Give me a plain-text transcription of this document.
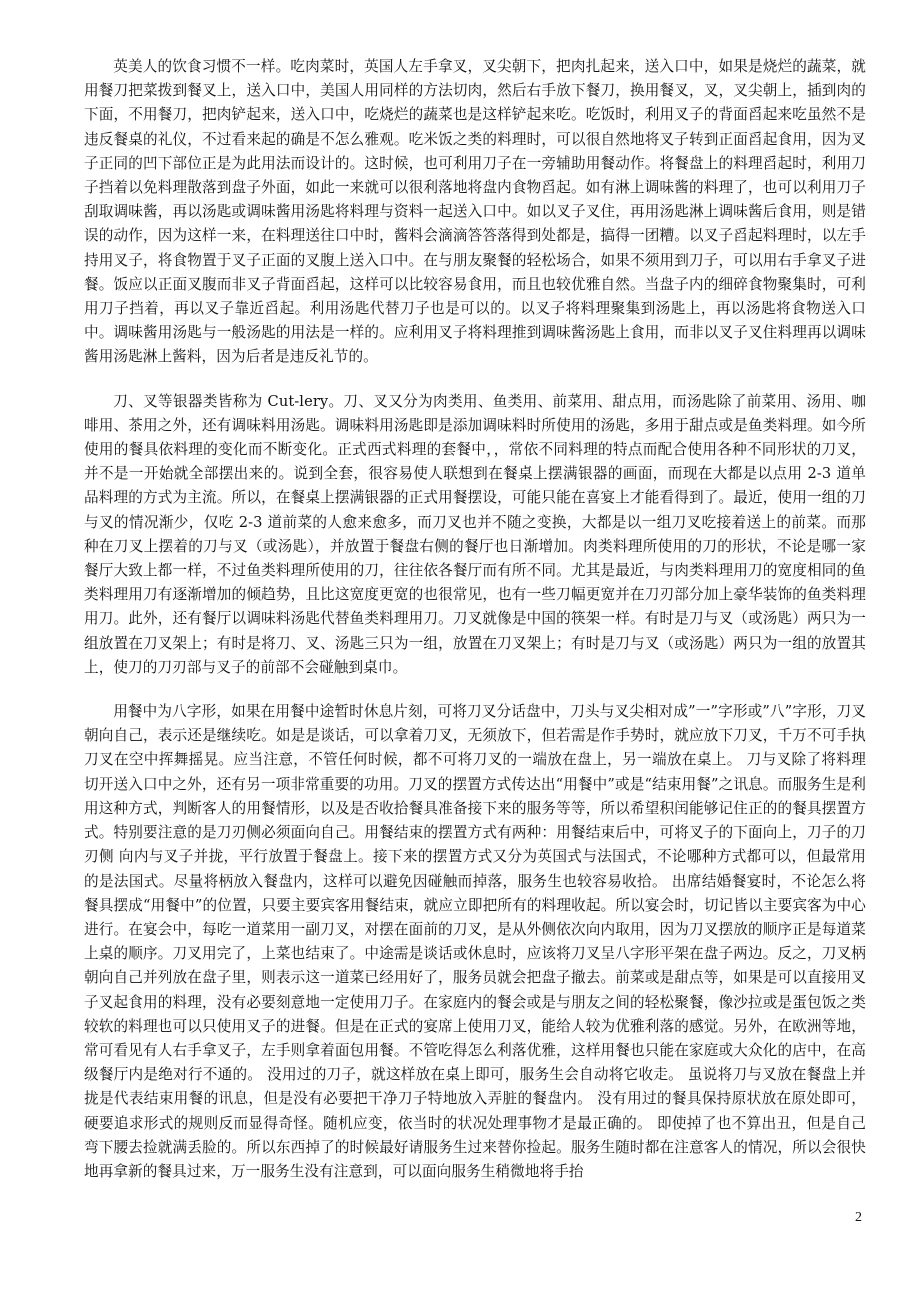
英美人的饮食习惯不一样。吃肉菜时，英国人左手拿叉，叉尖朝下，把肉扎起来，送入口中，如果是烧烂的蔬菜，就用餐刀把菜拨到餐叉上，送入口中，美国人用同样的方法切肉，然后右手放下餐刀，换用餐叉，叉，叉尖朝上，插到肉的下面，不用餐刀，把肉铲起来，送入口中，吃烧烂的蔬菜也是这样铲起来吃。吃饭时，利用叉子的背面舀起来吃虽然不是违反餐桌的礼仪，不过看来起的确是不怎么雅观。吃米饭之类的料理时，可以很自然地将叉子转到正面舀起食用，因为叉子正同的凹下部位正是为此用法而设计的。这时候，也可利用刀子在一旁辅助用餐动作。将餐盘上的料理舀起时，利用刀子挡着以免料理散落到盘子外面，如此一来就可以很利落地将盘内食物舀起。如有淋上调味酱的料理了，也可以利用刀子刮取调味酱，再以汤匙或调味酱用汤匙将料理与资料一起送入口中。如以叉子叉住，再用汤匙淋上调味酱后食用，则是错误的动作，因为这样一来，在料理送往口中时，酱料会滴滴答答落得到处都是，搞得一团糟。以叉子舀起料理时，以左手持用叉子，将食物置于叉子正面的叉腹上送入口中。在与朋友聚餐的轻松场合，如果不须用到刀子，可以用右手拿叉子进餐。饭应以正面叉腹而非叉子背面舀起，这样可以比较容易食用，而且也较优雅自然。当盘子内的细碎食物聚集时，可利用刀子挡着，再以叉子靠近舀起。利用汤匙代替刀子也是可以的。以叉子将料理聚集到汤匙上，再以汤匙将食物送入口中。调味酱用汤匙与一般汤匙的用法是一样的。应利用叉子将料理推到调味酱汤匙上食用，而非以叉子叉住料理再以调味酱用汤匙淋上酱料，因为后者是违反礼节的。

刀、叉等银器类皆称为 Cut-lery。刀、叉又分为肉类用、鱼类用、前菜用、甜点用，而汤匙除了前菜用、汤用、咖啡用、茶用之外，还有调味料用汤匙。调味料用汤匙即是添加调味料时所使用的汤匙，多用于甜点或是鱼类料理。如今所使用的餐具依料理的变化而不断变化。正式西式料理的套餐中，，常依不同料理的特点而配合使用各种不同形状的刀叉，并不是一开始就全部摆出来的。说到全套，很容易使人联想到在餐桌上摆满银器的画面，而现在大都是以点用 2-3 道单品料理的方式为主流。所以，在餐桌上摆满银器的正式用餐摆设，可能只能在喜宴上才能看得到了。最近，使用一组的刀与叉的情况渐少，仅吃 2-3 道前菜的人愈来愈多，而刀叉也并不随之变换，大都是以一组刀叉吃接着送上的前菜。而那种在刀叉上摆着的刀与叉（或汤匙），并放置于餐盘右侧的餐厅也日渐增加。肉类料理所使用的刀的形状，不论是哪一家餐厅大致上都一样，不过鱼类料理所使用的刀，往往依各餐厅而有所不同。尤其是最近，与肉类料理用刀的宽度相同的鱼类料理用刀有逐渐增加的倾趋势，且比这宽度更宽的也很常见，也有一些刀幅更宽并在刀刃部分加上豪华装饰的鱼类料理用刀。此外，还有餐厅以调味料汤匙代替鱼类料理用刀。刀叉就像是中国的筷架一样。有时是刀与叉（或汤匙）两只为一组放置在刀叉架上；有时是将刀、叉、汤匙三只为一组，放置在刀叉架上；有时是刀与叉（或汤匙）两只为一组的放置其上，使刀的刀刃部与叉子的前部不会碰触到桌巾。

用餐中为八字形，如果在用餐中途暂时休息片刻，可将刀叉分话盘中，刀头与叉尖相对成”一”字形或”八”字形，刀叉朝向自己，表示还是继续吃。如是是谈话，可以拿着刀叉，无须放下，但若需是作手势时，就应放下刀叉，千万不可手执刀叉在空中挥舞摇晃。应当注意，不管任何时候，都不可将刀叉的一端放在盘上，另一端放在桌上。 刀与叉除了将料理切开送入口中之外，还有另一项非常重要的功用。刀叉的摆置方式传达出“用餐中”或是“结束用餐”之讯息。而服务生是利用这种方式，判断客人的用餐情形，以及是否收拾餐具准备接下来的服务等等，所以希望积闰能够记住正的的餐具摆置方式。特别要注意的是刀刃侧必须面向自己。用餐结束的摆置方式有两种：用餐结束后中，可将叉子的下面向上，刀子的刀刃侧 向内与叉子并拢，平行放置于餐盘上。接下来的摆置方式又分为英国式与法国式，不论哪种方式都可以，但最常用的是法国式。尽量将柄放入餐盘内，这样可以避免因碰触而掉落，服务生也较容易收拾。 出席结婚餐宴时，不论怎么将餐具摆成“用餐中”的位置，只要主要宾客用餐结束，就应立即把所有的料理收起。所以宴会时，切记皆以主要宾客为中心进行。在宴会中，每吃一道菜用一副刀叉，对摆在面前的刀叉，是从外侧依次向内取用，因为刀叉摆放的顺序正是每道菜上桌的顺序。刀叉用完了，上菜也结束了。中途需是谈话或休息时，应该将刀叉呈八字形平架在盘子两边。反之，刀叉柄朝向自己并列放在盘子里，则表示这一道菜已经用好了，服务员就会把盘子撤去。前菜或是甜点等，如果是可以直接用叉子叉起食用的料理，没有必要刻意地一定使用刀子。在家庭内的餐会或是与朋友之间的轻松聚餐，像沙拉或是蛋包饭之类较软的料理也可以只使用叉子的进餐。但是在正式的宴席上使用刀叉，能给人较为优雅利落的感觉。另外，在欧洲等地，常可看见有人右手拿叉子，左手则拿着面包用餐。不管吃得怎么利落优雅，这样用餐也只能在家庭或大众化的店中，在高级餐厅内是绝对行不通的。 没用过的刀子，就这样放在桌上即可，服务生会自动将它收走。 虽说将刀与叉放在餐盘上并拢是代表结束用餐的讯息，但是没有必要把干净刀子特地放入弄脏的餐盘内。 没有用过的餐具保持原状放在原处即可，硬要追求形式的规则反而显得奇怪。随机应变，依当时的状况处理事物才是最正确的。 即使掉了也不算出丑，但是自己弯下腰去捡就满丢脸的。所以东西掉了的时候最好请服务生过来替你捡起。服务生随时都在注意客人的情况，所以会很快地再拿新的餐具过来，万一服务生没有注意到，可以面向服务生稍微地将手抬

2
